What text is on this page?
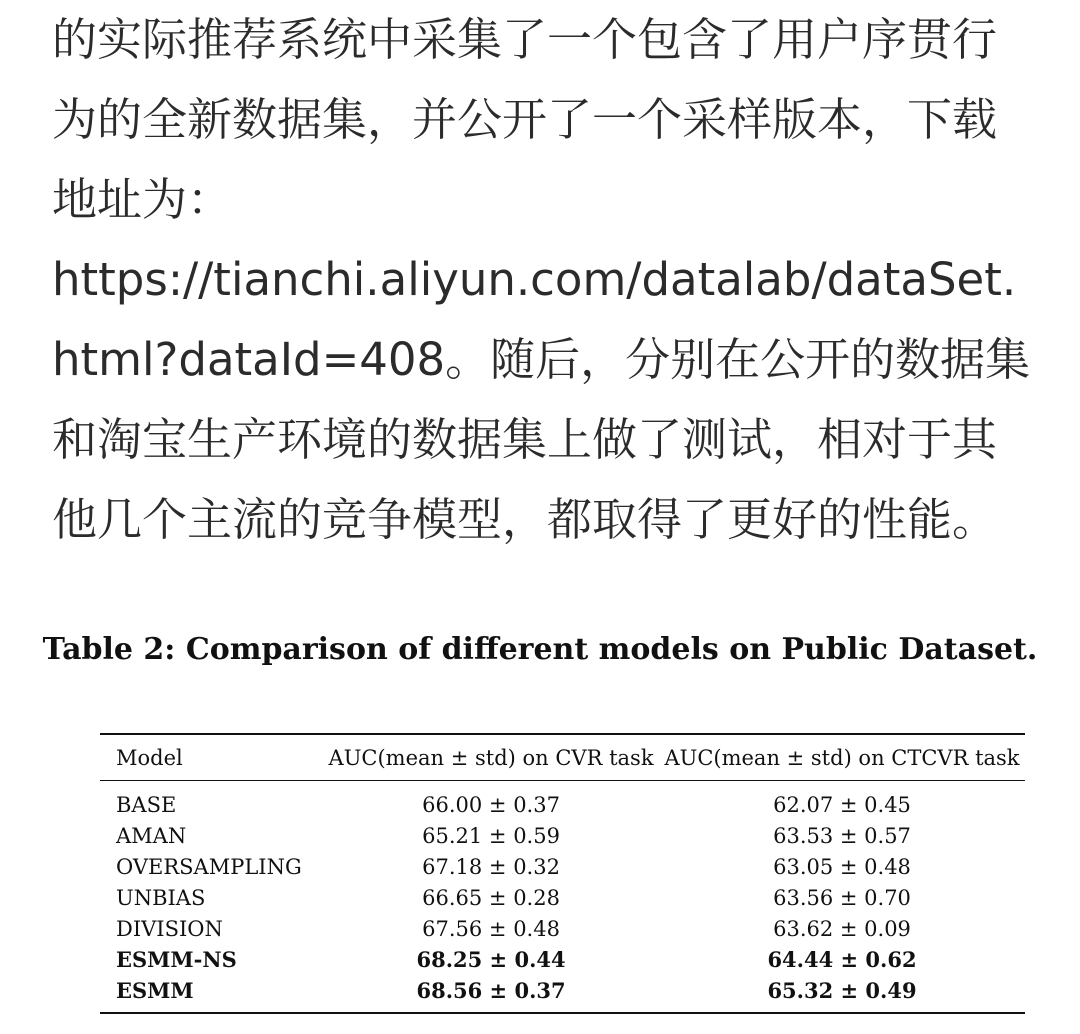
的实际推荐系统中采集了一个包含了用户序贯行
为的全新数据集，并公开了一个采样版本，下载
地址为：
https://tianchi.aliyun.com/datalab/dataSet.
html?dataId=408。随后，分别在公开的数据集
和淘宝生产环境的数据集上做了测试，相对于其
他几个主流的竞争模型，都取得了更好的性能。
Table 2: Comparison of different models on Public Dataset.
Model	AUC(mean ± std) on CVR task	AUC(mean ± std) on CTCVR task
BASE	66.00 ± 0.37	62.07 ± 0.45
AMAN	65.21 ± 0.59	63.53 ± 0.57
OVERSAMPLING	67.18 ± 0.32	63.05 ± 0.48
UNBIAS	66.65 ± 0.28	63.56 ± 0.70
DIVISION	67.56 ± 0.48	63.62 ± 0.09
ESMM-NS	68.25 ± 0.44	64.44 ± 0.62
ESMM	68.56 ± 0.37	65.32 ± 0.49
